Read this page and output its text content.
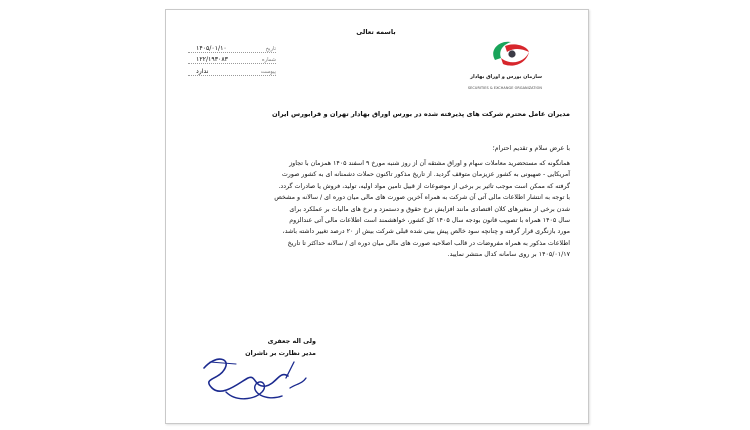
باسمه تعالی
تاریخ
۱۴۰۵/۰۱/۱۰
شماره
۱۲۲/۱۹۳۰۸۳
پیوست
ندارد
سازمان بورس و اوراق بهادار
SECURITIES & EXCHANGE ORGANIZATION
مدیران عامل محترم شرکت های پذیرفته شده در بورس اوراق بهادار تهران و فرابورس ایران
با عرض سلام و تقدیم احترام؛
همانگونه که مستحضرید معاملات سهام و اوراق مشتقه آن از روز شنبه مورخ ۹ اسفند ۱۴۰۵ همزمان با تجاوز
آمریکایی - صهیونی به کشور عزیزمان متوقف گردید. از تاریخ مذکور تاکنون حملات دشمنانه ای به کشور صورت
گرفته که ممکن است موجب تاثیر بر برخی از موضوعات از قبیل تامین مواد اولیه، تولید، فروش یا صادرات گردد.
با توجه به انتشار اطلاعات مالی آتی آن شرکت به همراه آخرین صورت های مالی میان دوره ای / سالانه و مشخص
شدن برخی از متغیرهای کلان اقتصادی مانند افزایش نرخ حقوق و دستمزد و نرخ های مالیات بر عملکرد برای
سال ۱۴۰۵ همراه با تصویب قانون بودجه سال ۱۴۰۵ کل کشور، خواهشمند است اطلاعات مالی آتی عندالزوم
مورد بازنگری قرار گرفته و چنانچه سود خالص پیش بینی شده قبلی شرکت بیش از ۲۰ درصد تغییر داشته باشد،
اطلاعات مذکور به همراه مفروضات در قالب اصلاحیه صورت های مالی میان دوره ای / سالانه حداکثر تا تاریخ
۱۴۰۵/۰۱/۱۷ بر روی سامانه کدال منتشر نمایید.
ولی اله جعفری
مدیر نظارت بر ناشران
